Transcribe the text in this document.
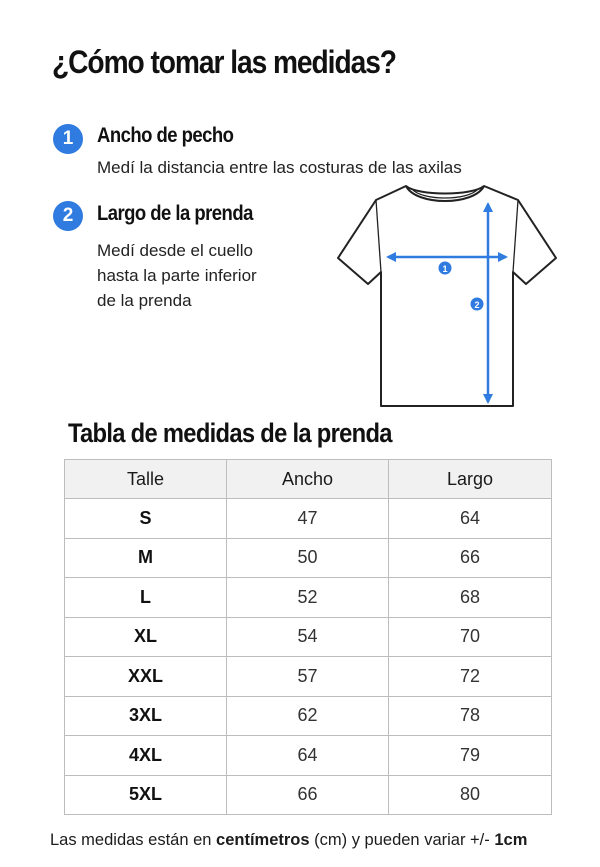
¿Cómo tomar las medidas?
1	Ancho de pecho
Medí la distancia entre las costuras de las axilas
2	Largo de la prenda
Medí desde el cuello
hasta la parte inferior
de la prenda
1
2
Tabla de medidas de la prenda
Talle	Ancho	Largo
S	47	64
M	50	66
L	52	68
XL	54	70
XXL	57	72
3XL	62	78
4XL	64	79
5XL	66	80
Las medidas están en centímetros (cm) y pueden variar +/- 1cm
